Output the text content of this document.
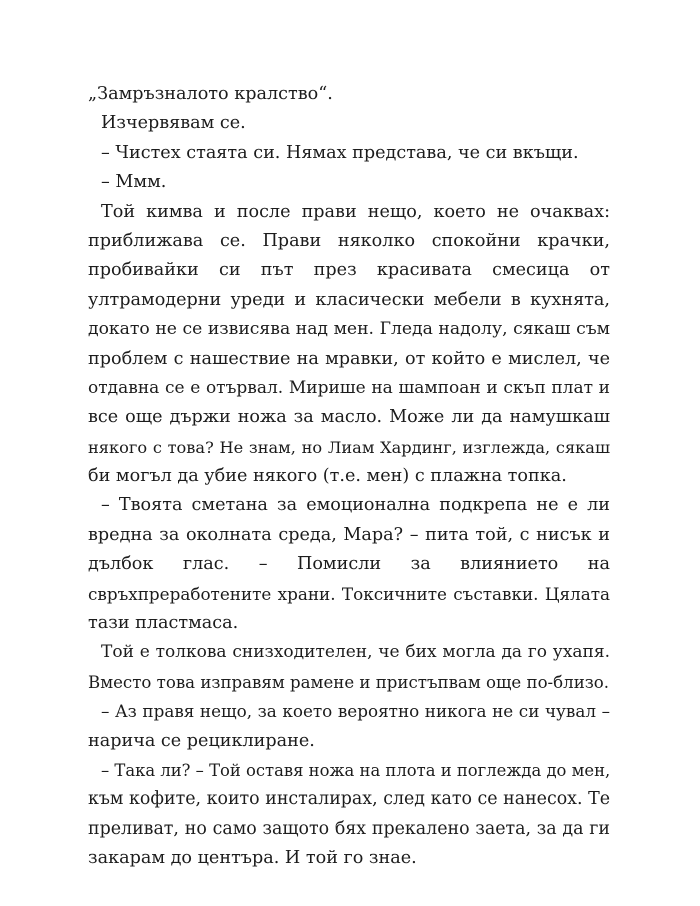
„Замръзналото кралство“.
Изчервявам се.
– Чистех стаята си. Нямах представа, че си вкъщи.
– Ммм.
Той кимва и после прави нещо, което не очаквах:
приближава се. Прави няколко спокойни крачки,
пробивайки си път през красивата смесица от
ултрамодерни уреди и класически мебели в кухнята,
докато не се извисява над мен. Гледа надолу, сякаш съм
проблем с нашествие на мравки, от който е мислел, че
отдавна се е отървал. Мирише на шампоан и скъп плат и
все още държи ножа за масло. Може ли да намушкаш
някого с това? Не знам, но Лиам Хардинг, изглежда, сякаш
би могъл да убие някого (т.е. мен) с плажна топка.
– Твоята сметана за емоционална подкрепа не е ли
вредна за околната среда, Мара? – пита той, с нисък и
дълбок глас. – Помисли за влиянието на
свръхпреработените храни. Токсичните съставки. Цялата
тази пластмаса.
Той е толкова снизходителен, че бих могла да го ухапя.
Вместо това изправям рамене и пристъпвам още по-близо.
– Аз правя нещо, за което вероятно никога не си чувал –
нарича се рециклиране.
– Така ли? – Той оставя ножа на плота и поглежда до мен,
към кофите, които инсталирах, след като се нанесох. Те
преливат, но само защото бях прекалено заета, за да ги
закарам до центъра. И той го знае.
